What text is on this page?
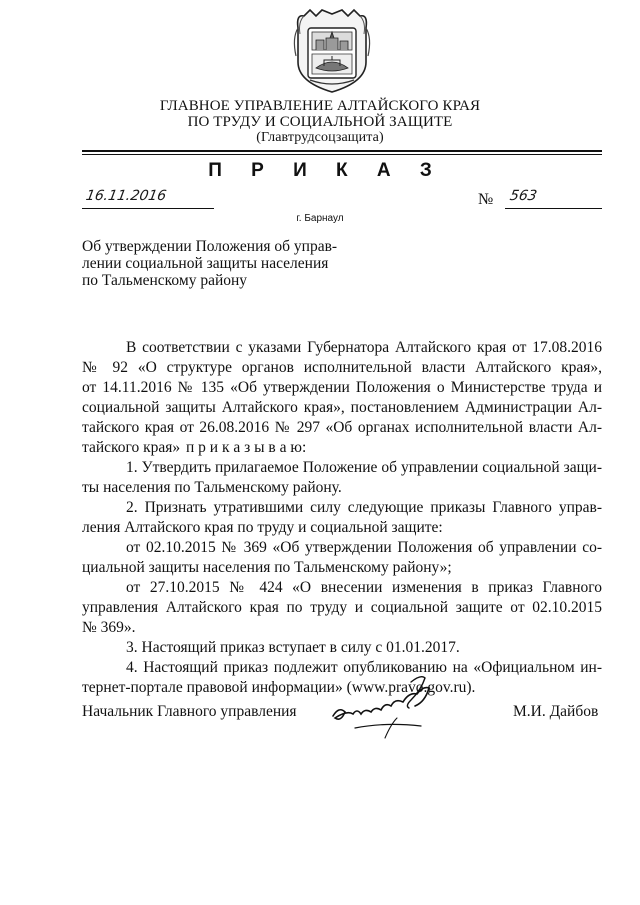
ГЛАВНОЕ УПРАВЛЕНИЕ АЛТАЙСКОГО КРАЯ
ПО ТРУДУ И СОЦИАЛЬНОЙ ЗАЩИТЕ
(Главтрудсоцзащита)
П Р И К А З
16.11.2016	№ 563
г. Барнаул
Об утверждении Положения об управ-
лении социальной защиты населения
по Тальменскому району
В соответствии с указами Губернатора Алтайского края от 17.08.2016
№ 92 «О структуре органов исполнительной власти Алтайского края»,
от 14.11.2016 № 135 «Об утверждении Положения о Министерстве труда и
социальной защиты Алтайского края», постановлением Администрации Ал-
тайского края от 26.08.2016 № 297 «Об органах исполнительной власти Ал-
тайского края» п р и к а з ы в а ю:
1. Утвердить прилагаемое Положение об управлении социальной защи-
ты населения по Тальменскому району.
2. Признать утратившими силу следующие приказы Главного управ-
ления Алтайского края по труду и социальной защите:
от 02.10.2015 № 369 «Об утверждении Положения об управлении со-
циальной защиты населения по Тальменскому району»;
от 27.10.2015 № 424 «О внесении изменения в приказ Главного
управления Алтайского края по труду и социальной защите от 02.10.2015
№ 369».
3. Настоящий приказ вступает в силу с 01.01.2017.
4. Настоящий приказ подлежит опубликованию на «Официальном ин-
тернет-портале правовой информации» (www.pravo.gov.ru).
Начальник Главного управления	М.И. Дайбов
